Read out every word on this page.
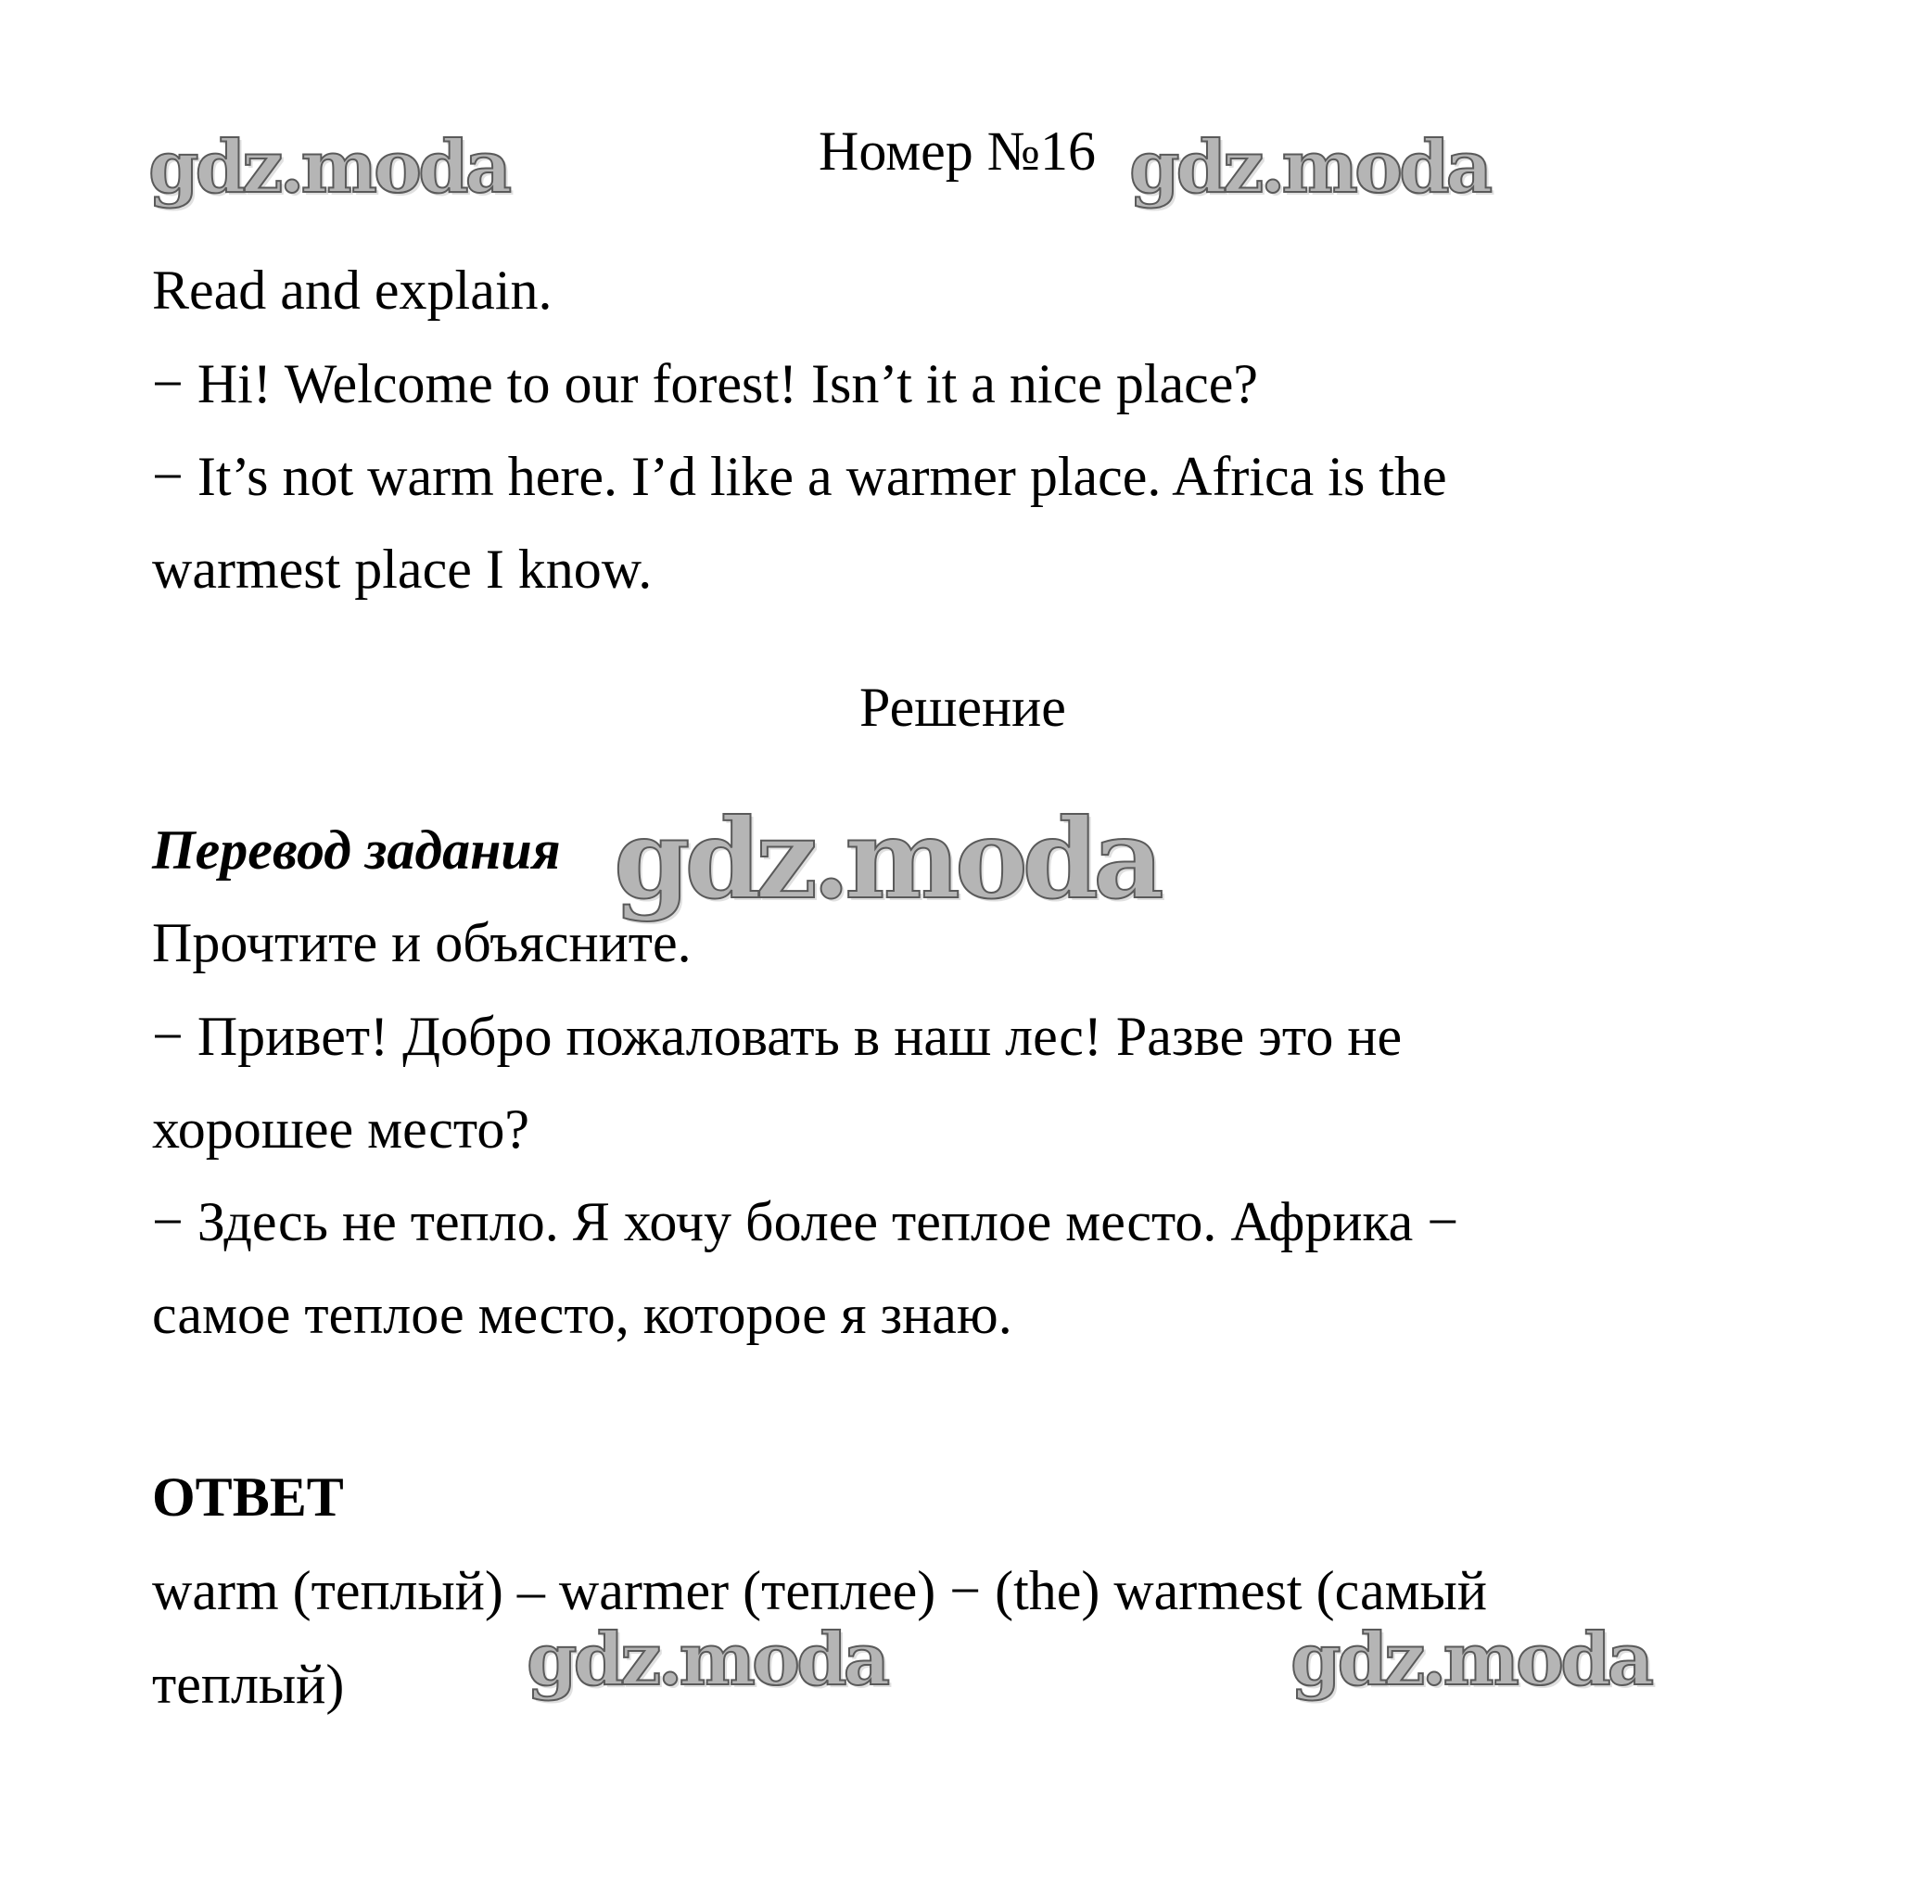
Номер №16
Read and explain.
− Hi! Welcome to our forest! Isn’t it a nice place?
− It’s not warm here. I’d like a warmer place. Africa is the
warmest place I know.
Решение
Перевод задания
Прочтите и объясните.
− Привет! Добро пожаловать в наш лес! Разве это не
хорошее место?
− Здесь не тепло. Я хочу более теплое место. Африка −
самое теплое место, которое я знаю.
ОТВЕТ
warm (теплый) – warmer (теплее) − (the) warmest (самый
теплый)
gdz.moda	gdz.moda
gdz.moda
gdz.moda	gdz.moda
